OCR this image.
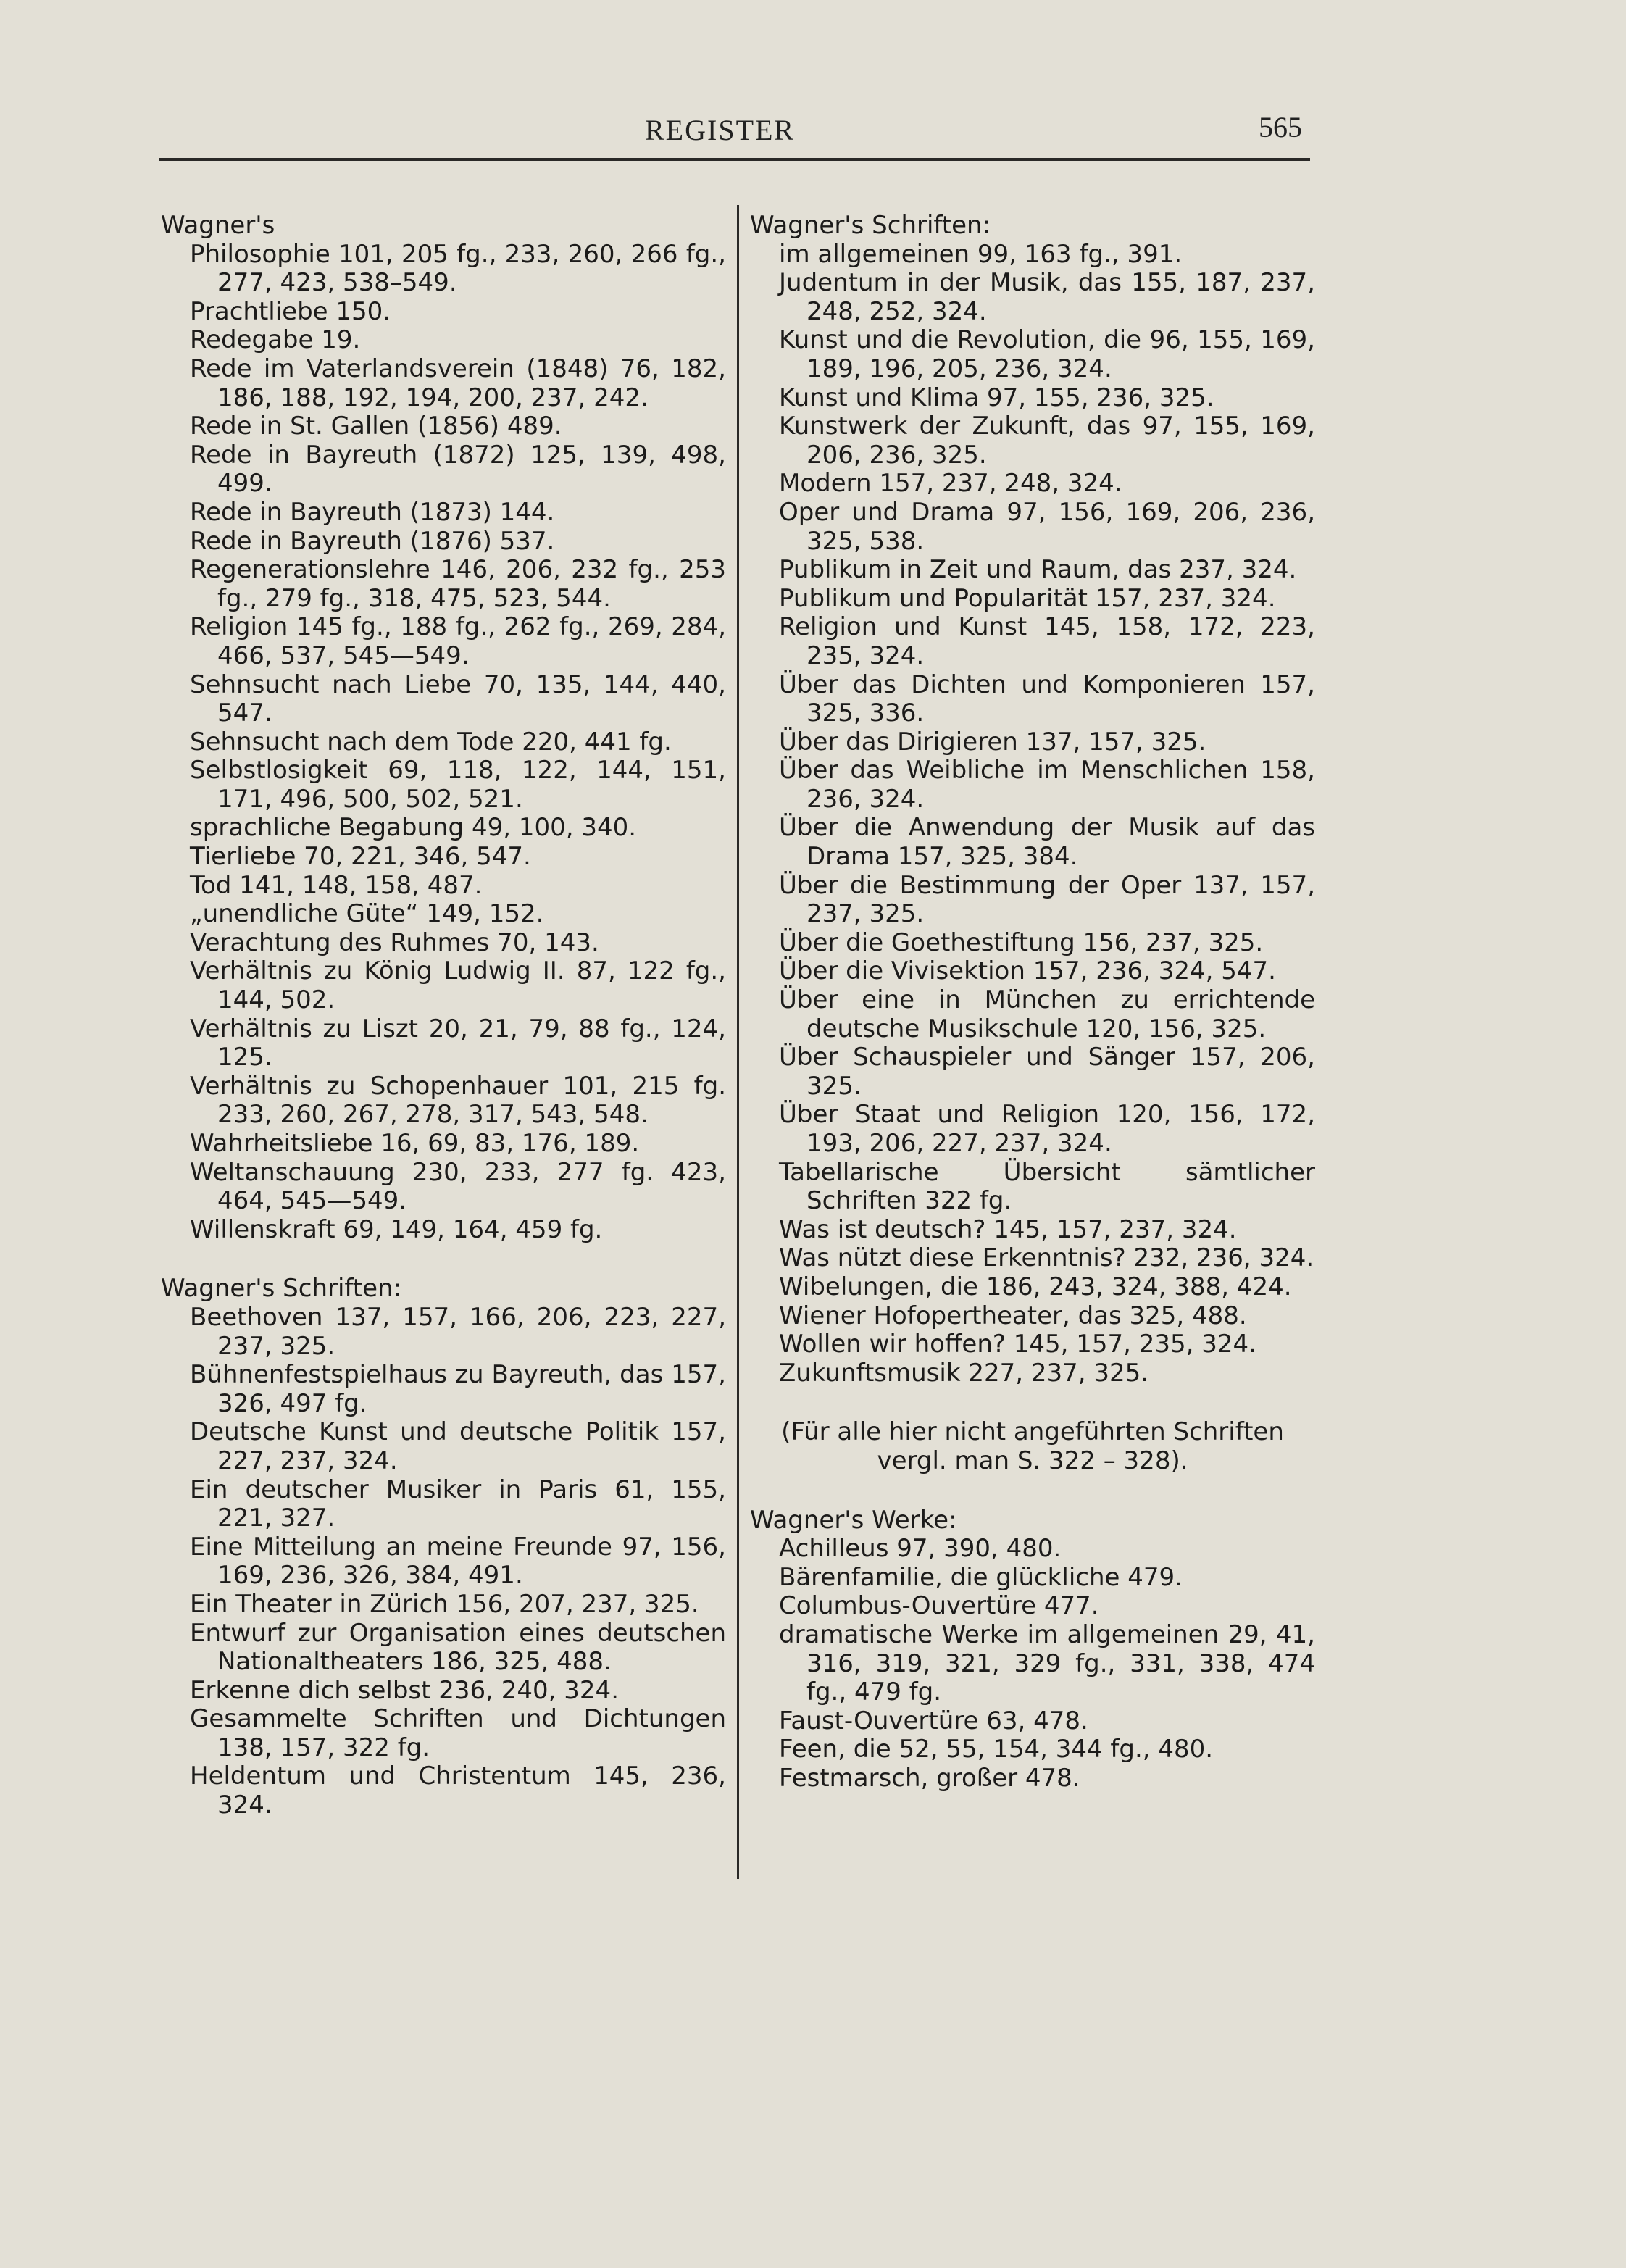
REGISTER	565
Wagner's
Philosophie 101, 205 fg., 233, 260, 266 fg., 277, 423, 538–549.
Prachtliebe 150.
Redegabe 19.
Rede im Vaterlandsverein (1848) 76, 182, 186, 188, 192, 194, 200, 237, 242.
Rede in St. Gallen (1856) 489.
Rede in Bayreuth (1872) 125, 139, 498, 499.
Rede in Bayreuth (1873) 144.
Rede in Bayreuth (1876) 537.
Regenerationslehre 146, 206, 232 fg., 253 fg., 279 fg., 318, 475, 523, 544.
Religion 145 fg., 188 fg., 262 fg., 269, 284, 466, 537, 545—549.
Sehnsucht nach Liebe 70, 135, 144, 440, 547.
Sehnsucht nach dem Tode 220, 441 fg.
Selbstlosigkeit 69, 118, 122, 144, 151, 171, 496, 500, 502, 521.
sprachliche Begabung 49, 100, 340.
Tierliebe 70, 221, 346, 547.
Tod 141, 148, 158, 487.
„unendliche Güte“ 149, 152.
Verachtung des Ruhmes 70, 143.
Verhältnis zu König Ludwig II. 87, 122 fg., 144, 502.
Verhältnis zu Liszt 20, 21, 79, 88 fg., 124, 125.
Verhältnis zu Schopenhauer 101, 215 fg. 233, 260, 267, 278, 317, 543, 548.
Wahrheitsliebe 16, 69, 83, 176, 189.
Weltanschauung 230, 233, 277 fg. 423, 464, 545—549.
Willenskraft 69, 149, 164, 459 fg.
Wagner's Schriften:
Beethoven 137, 157, 166, 206, 223, 227, 237, 325.
Bühnenfestspielhaus zu Bayreuth, das 157, 326, 497 fg.
Deutsche Kunst und deutsche Politik 157, 227, 237, 324.
Ein deutscher Musiker in Paris 61, 155, 221, 327.
Eine Mitteilung an meine Freunde 97, 156, 169, 236, 326, 384, 491.
Ein Theater in Zürich 156, 207, 237, 325.
Entwurf zur Organisation eines deutschen Nationaltheaters 186, 325, 488.
Erkenne dich selbst 236, 240, 324.
Gesammelte Schriften und Dichtungen 138, 157, 322 fg.
Heldentum und Christentum 145, 236, 324.
Wagner's Schriften:
im allgemeinen 99, 163 fg., 391.
Judentum in der Musik, das 155, 187, 237, 248, 252, 324.
Kunst und die Revolution, die 96, 155, 169, 189, 196, 205, 236, 324.
Kunst und Klima 97, 155, 236, 325.
Kunstwerk der Zukunft, das 97, 155, 169, 206, 236, 325.
Modern 157, 237, 248, 324.
Oper und Drama 97, 156, 169, 206, 236, 325, 538.
Publikum in Zeit und Raum, das 237, 324.
Publikum und Popularität 157, 237, 324.
Religion und Kunst 145, 158, 172, 223, 235, 324.
Über das Dichten und Komponieren 157, 325, 336.
Über das Dirigieren 137, 157, 325.
Über das Weibliche im Menschlichen 158, 236, 324.
Über die Anwendung der Musik auf das Drama 157, 325, 384.
Über die Bestimmung der Oper 137, 157, 237, 325.
Über die Goethestiftung 156, 237, 325.
Über die Vivisektion 157, 236, 324, 547.
Über eine in München zu errichtende deutsche Musikschule 120, 156, 325.
Über Schauspieler und Sänger 157, 206, 325.
Über Staat und Religion 120, 156, 172, 193, 206, 227, 237, 324.
Tabellarische Übersicht sämtlicher Schriften 322 fg.
Was ist deutsch? 145, 157, 237, 324.
Was nützt diese Erkenntnis? 232, 236, 324.
Wibelungen, die 186, 243, 324, 388, 424.
Wiener Hofopertheater, das 325, 488.
Wollen wir hoffen? 145, 157, 235, 324.
Zukunftsmusik 227, 237, 325.
(Für alle hier nicht angeführten Schriften vergl. man S. 322 – 328).
Wagner's Werke:
Achilleus 97, 390, 480.
Bärenfamilie, die glückliche 479.
Columbus-Ouvertüre 477.
dramatische Werke im allgemeinen 29, 41, 316, 319, 321, 329 fg., 331, 338, 474 fg., 479 fg.
Faust-Ouvertüre 63, 478.
Feen, die 52, 55, 154, 344 fg., 480.
Festmarsch, großer 478.
